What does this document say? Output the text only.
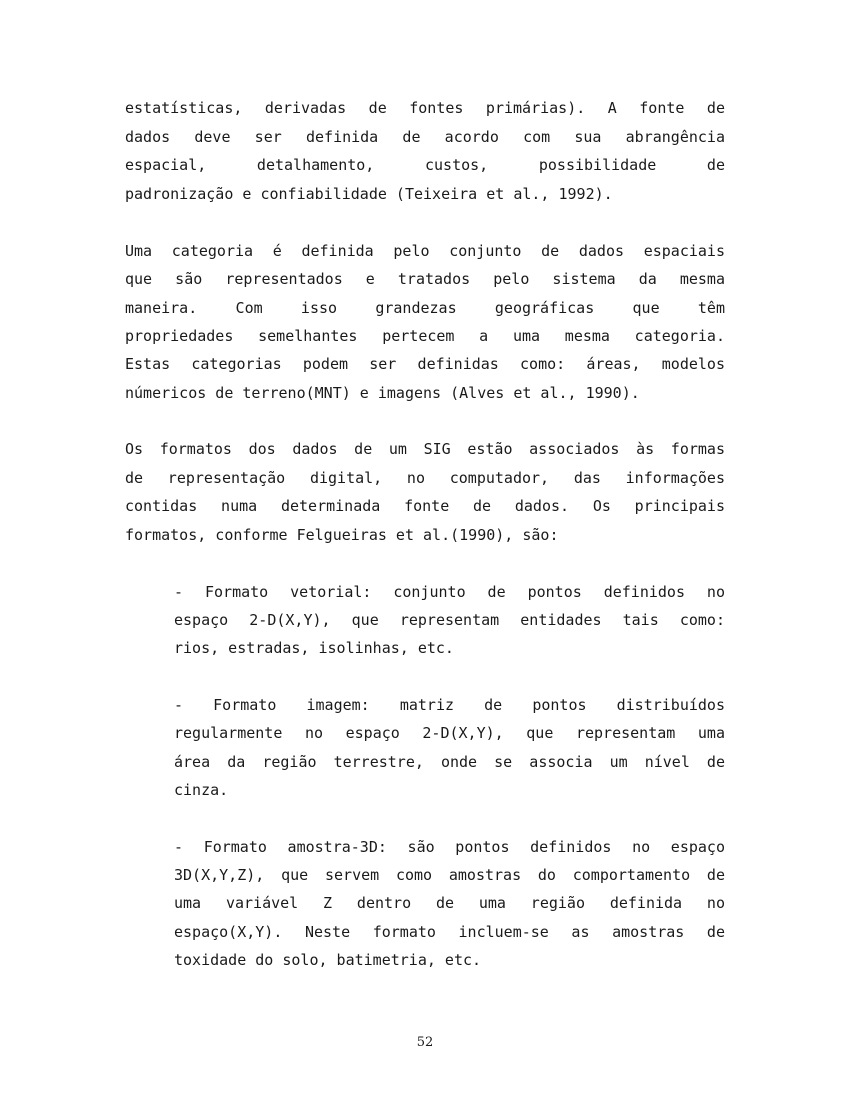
estatísticas, derivadas de fontes primárias). A fonte de

dados deve ser definida de acordo com sua abrangência

espacial, detalhamento, custos, possibilidade de

padronização e confiabilidade (Teixeira et al., 1992).

Uma categoria é definida pelo conjunto de dados espaciais

que são representados e tratados pelo sistema da mesma

maneira. Com isso grandezas geográficas que têm

propriedades semelhantes pertecem a uma mesma categoria.

Estas categorias podem ser definidas como: áreas, modelos

númericos de terreno(MNT) e imagens (Alves et al., 1990).

Os formatos dos dados de um SIG estão associados às formas

de representação digital, no computador, das informações

contidas numa determinada fonte de dados. Os principais

formatos, conforme Felgueiras et al.(1990), são:

- Formato vetorial: conjunto de pontos definidos no

espaço 2-D(X,Y), que representam entidades tais como:

rios, estradas, isolinhas, etc.

- Formato imagem: matriz de pontos distribuídos

regularmente no espaço 2-D(X,Y), que representam uma

área da região terrestre, onde se associa um nível de

cinza.

- Formato amostra-3D: são pontos definidos no espaço

3D(X,Y,Z), que servem como amostras do comportamento de

uma variável Z dentro de uma região definida no

espaço(X,Y). Neste formato incluem-se as amostras de

toxidade do solo, batimetria, etc.

52
